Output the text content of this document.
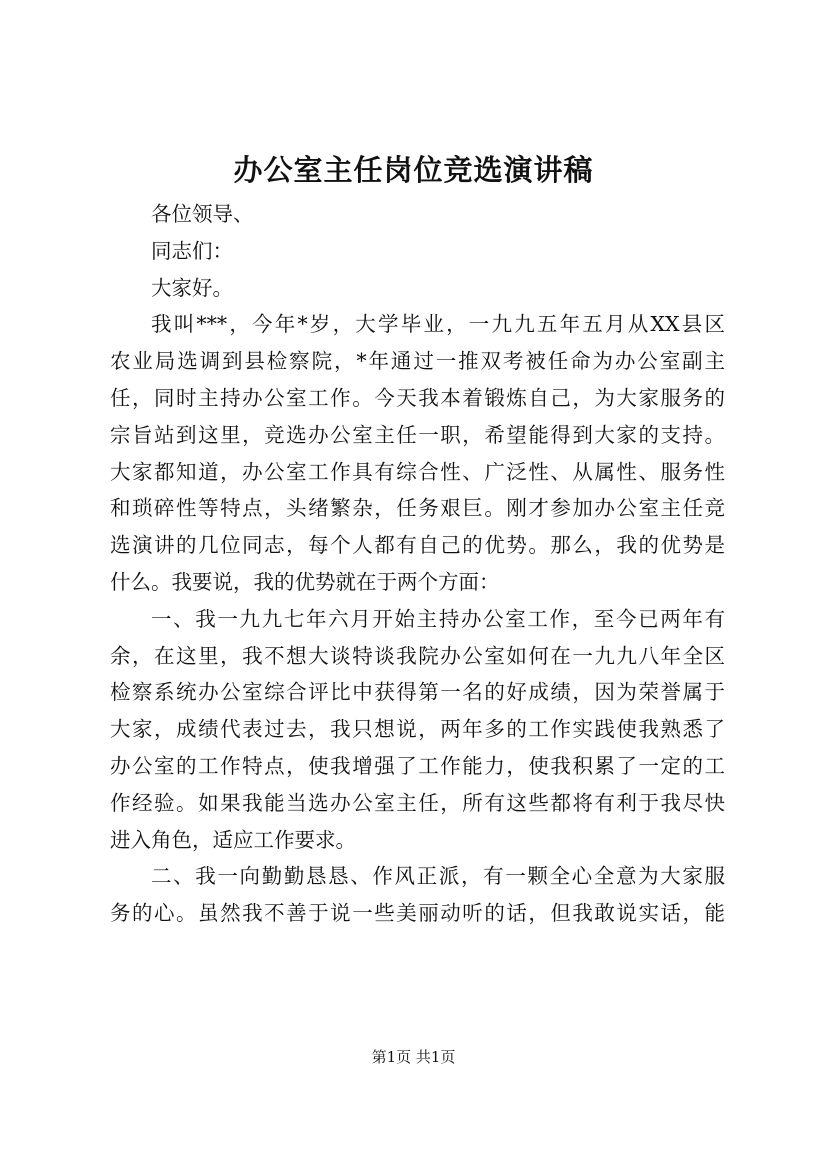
办公室主任岗位竞选演讲稿
各位领导、
同志们：
大家好。
我叫***，今年*岁，大学毕业，一九九五年五月从XX县区
农业局选调到县检察院，*年通过一推双考被任命为办公室副主
任，同时主持办公室工作。今天我本着锻炼自己，为大家服务的
宗旨站到这里，竞选办公室主任一职，希望能得到大家的支持。
大家都知道，办公室工作具有综合性、广泛性、从属性、服务性
和琐碎性等特点，头绪繁杂，任务艰巨。刚才参加办公室主任竞
选演讲的几位同志，每个人都有自己的优势。那么，我的优势是
什么。我要说，我的优势就在于两个方面：
一、我一九九七年六月开始主持办公室工作，至今已两年有
余，在这里，我不想大谈特谈我院办公室如何在一九九八年全区
检察系统办公室综合评比中获得第一名的好成绩，因为荣誉属于
大家，成绩代表过去，我只想说，两年多的工作实践使我熟悉了
办公室的工作特点，使我增强了工作能力，使我积累了一定的工
作经验。如果我能当选办公室主任，所有这些都将有利于我尽快
进入角色，适应工作要求。
二、我一向勤勤恳恳、作风正派，有一颗全心全意为大家服
务的心。虽然我不善于说一些美丽动听的话，但我敢说实话，能
第1页 共1页
